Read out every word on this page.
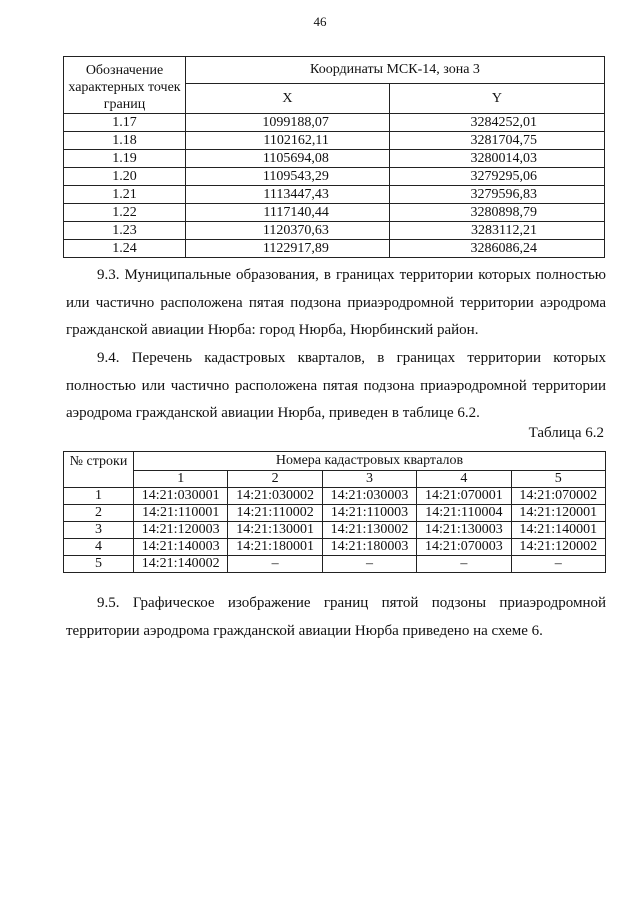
46
Обозначение характерных точек границ	Координаты МСК-14, зона 3	
	X	Y
1.17	1099188,07	3284252,01
1.18	1102162,11	3281704,75
1.19	1105694,08	3280014,03
1.20	1109543,29	3279295,06
1.21	1113447,43	3279596,83
1.22	1117140,44	3280898,79
1.23	1120370,63	3283112,21
1.24	1122917,89	3286086,24

9.3. Муниципальные образования, в границах территории которых полностью или частично расположена пятая подзона приаэродромной территории аэродрома гражданской авиации Нюрба: город Нюрба, Нюрбинский район.

9.4. Перечень кадастровых кварталов, в границах территории которых полностью или частично расположена пятая подзона приаэродромной территории аэродрома гражданской авиации Нюрба, приведен в таблице 6.2.

Таблица 6.2
№ строки	Номера кадастровых кварталов				
	1	2	3	4	5
1	14:21:030001	14:21:030002	14:21:030003	14:21:070001	14:21:070002
2	14:21:110001	14:21:110002	14:21:110003	14:21:110004	14:21:120001
3	14:21:120003	14:21:130001	14:21:130002	14:21:130003	14:21:140001
4	14:21:140003	14:21:180001	14:21:180003	14:21:070003	14:21:120002
5	14:21:140002	–	–	–	–

9.5. Графическое изображение границ пятой подзоны приаэродромной территории аэродрома гражданской авиации Нюрба приведено на схеме 6.
